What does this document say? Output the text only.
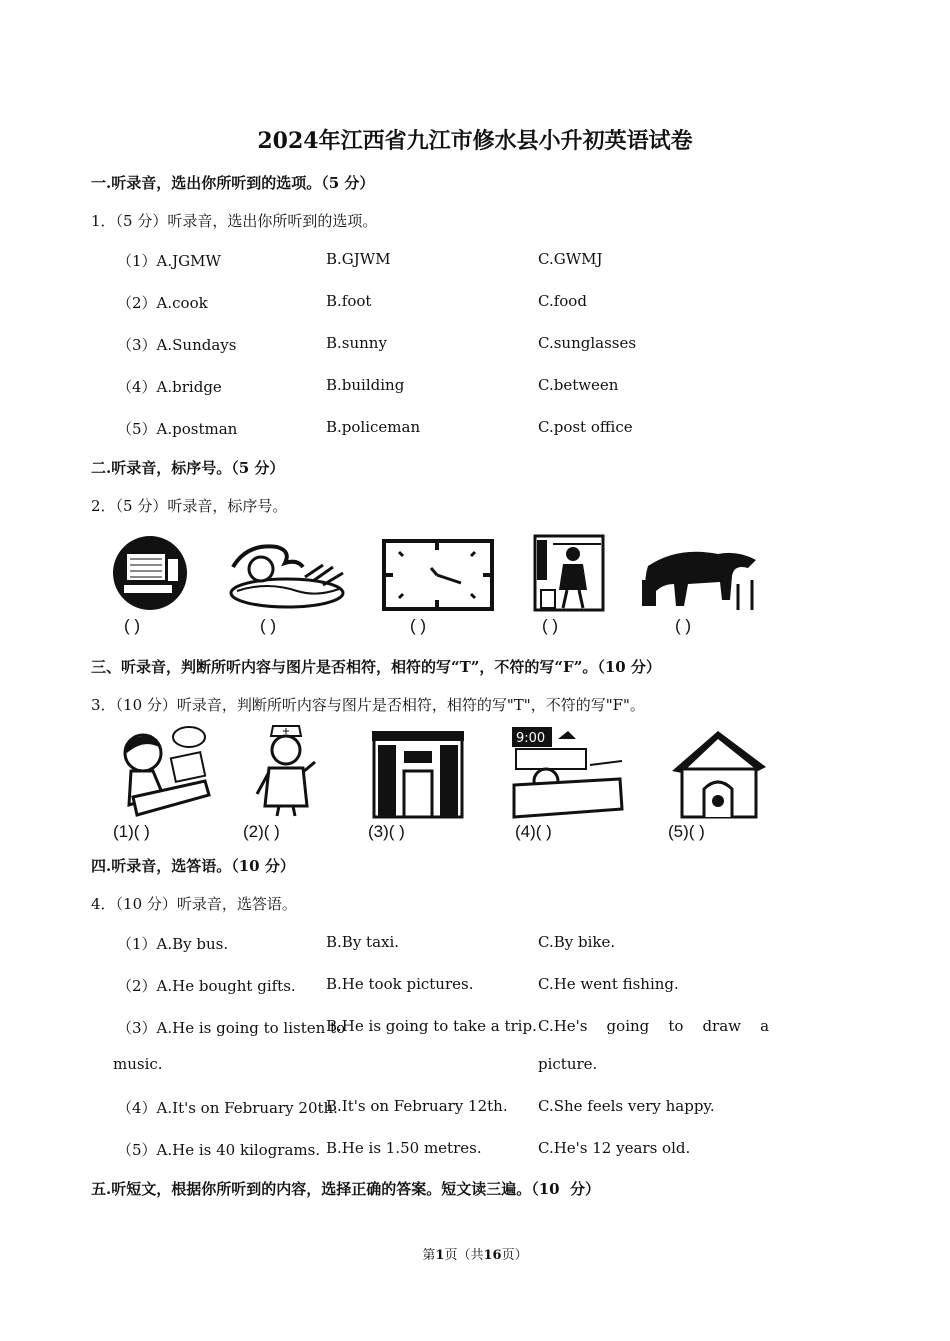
2024年江西省九江市修水县小升初英语试卷
一.听录音，选出你所听到的选项。（5 分）
1．（5 分）听录音，选出你所听到的选项。
（1）A.JGMW	B.GJWM	C.GWMJ
（2）A.cook	B.foot	C.food
（3）A.Sundays	B.sunny	C.sunglasses
（4）A.bridge	B.building	C.between
（5）A.postman	B.policeman	C.post office
二.听录音，标序号。（5 分）
2．（5 分）听录音，标序号。
( )	( )	( )	( )	( )
三、听录音，判断所听内容与图片是否相符，相符的写“T”，不符的写“F”。（10 分）
3．（10 分）听录音，判断所听内容与图片是否相符，相符的写"T"，不符的写"F"。
9:00
(1)( )	(2)( )	(3)( )	(4)( )	(5)( )
四.听录音，选答语。（10 分）
4．（10 分）听录音，选答语。
（1）A.By bus.	B.By taxi.	C.By bike.
（2）A.He bought gifts. B.He took pictures.	C.He went fishing.
（3）A.He is going to listen to
music.
B.He is going to take a trip. C.He's    going    to    draw    a
picture.
（4）A.It's on February 20th.
B.It's on February 12th. C.She feels very happy.
（5）A.He is 40 kilograms. B.He is 1.50 metres.	C.He's 12 years old.
五.听短文，根据你所听到的内容，选择正确的答案。短文读三遍。（10  分）
第1页（共16页）
